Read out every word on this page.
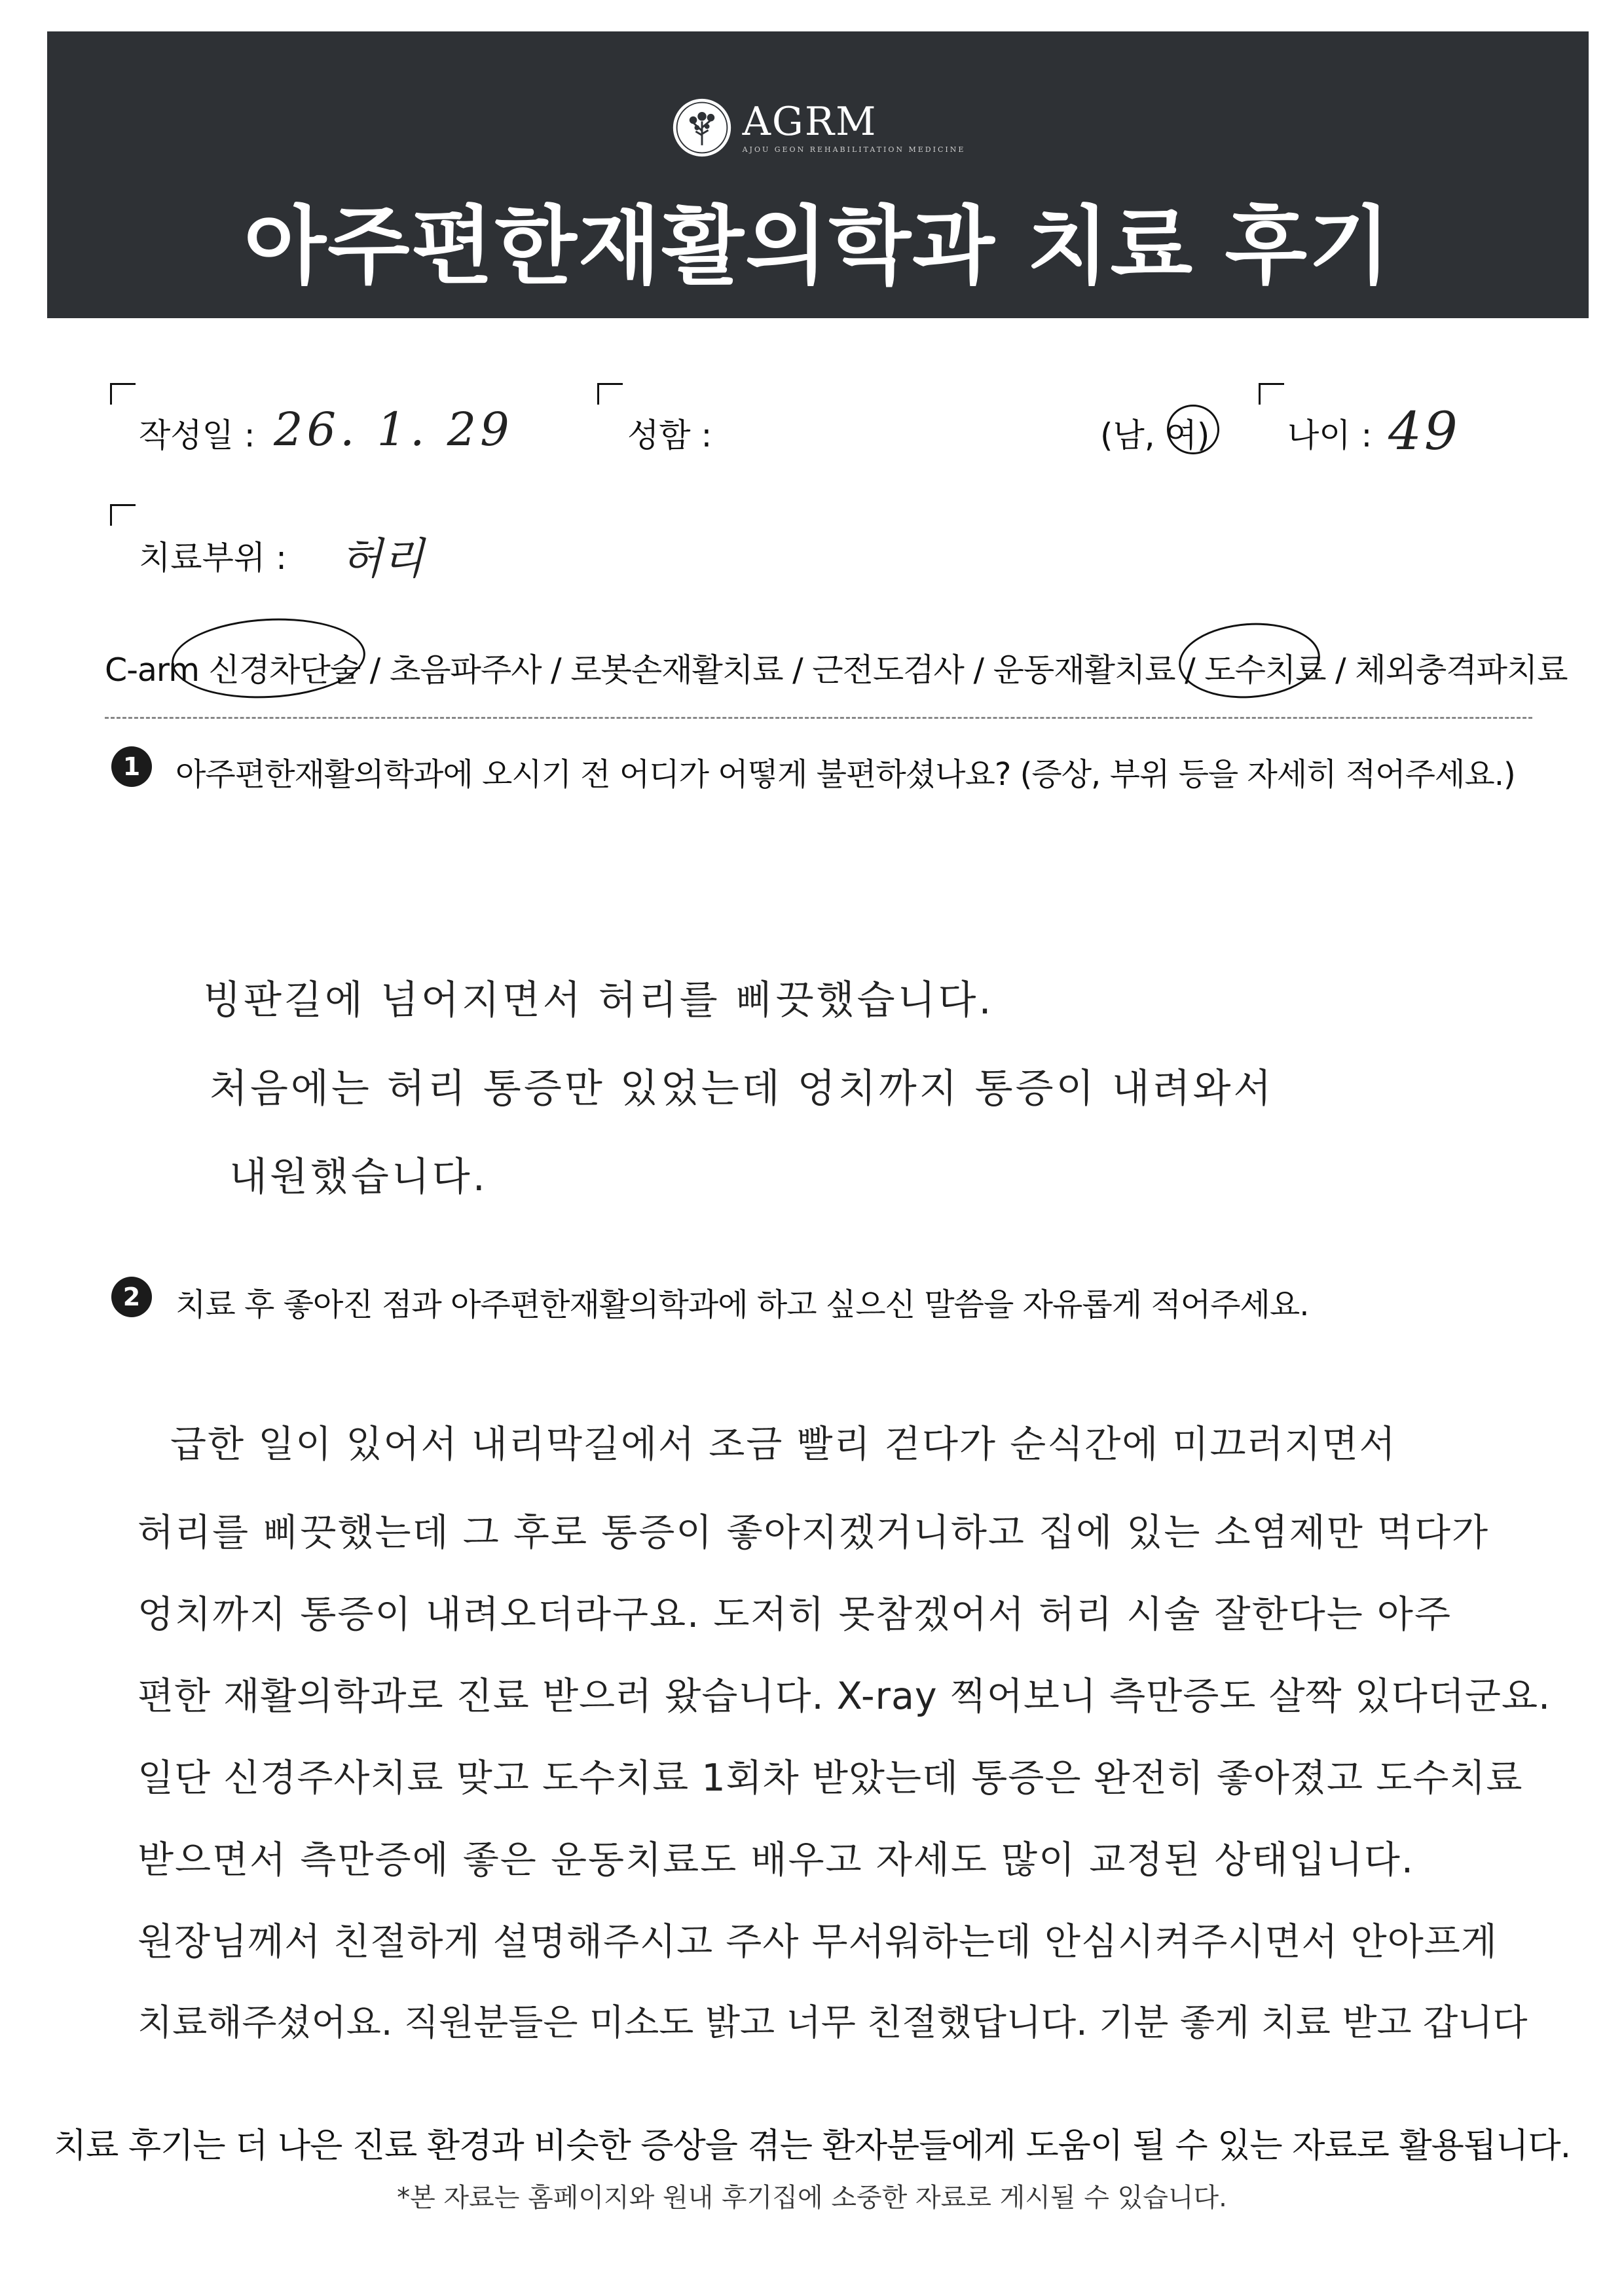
AGRM
AJOU GEON REHABILITATION MEDICINE
아주편한재활의학과 치료 후기
작성일 : 26. 1. 29	성함 :	(남, 여) 나이 : 49
치료부위 : 허리
C-arm 신경차단술 / 초음파주사 / 로봇손재활치료 / 근전도검사 / 운동재활치료 / 도수치료 / 체외충격파치료
1	아주편한재활의학과에 오시기 전 어디가 어떻게 불편하셨나요? (증상, 부위 등을 자세히 적어주세요.)
빙판길에 넘어지면서 허리를 삐끗했습니다.
처음에는 허리 통증만 있었는데 엉치까지 통증이 내려와서
내원했습니다.
2	치료 후 좋아진 점과 아주편한재활의학과에 하고 싶으신 말씀을 자유롭게 적어주세요.
급한 일이 있어서 내리막길에서 조금 빨리 걷다가 순식간에 미끄러지면서
허리를 삐끗했는데 그 후로 통증이 좋아지겠거니하고 집에 있는 소염제만 먹다가
엉치까지 통증이 내려오더라구요. 도저히 못참겠어서 허리 시술 잘한다는 아주
편한 재활의학과로 진료 받으러 왔습니다. X-ray 찍어보니 측만증도 살짝 있다더군요.
일단 신경주사치료 맞고 도수치료 1회차 받았는데 통증은 완전히 좋아졌고 도수치료
받으면서 측만증에 좋은 운동치료도 배우고 자세도 많이 교정된 상태입니다.
원장님께서 친절하게 설명해주시고 주사 무서워하는데 안심시켜주시면서 안아프게
치료해주셨어요. 직원분들은 미소도 밝고 너무 친절했답니다. 기분 좋게 치료 받고 갑니다
치료 후기는 더 나은 진료 환경과 비슷한 증상을 겪는 환자분들에게 도움이 될 수 있는 자료로 활용됩니다.
*본 자료는 홈페이지와 원내 후기집에 소중한 자료로 게시될 수 있습니다.
